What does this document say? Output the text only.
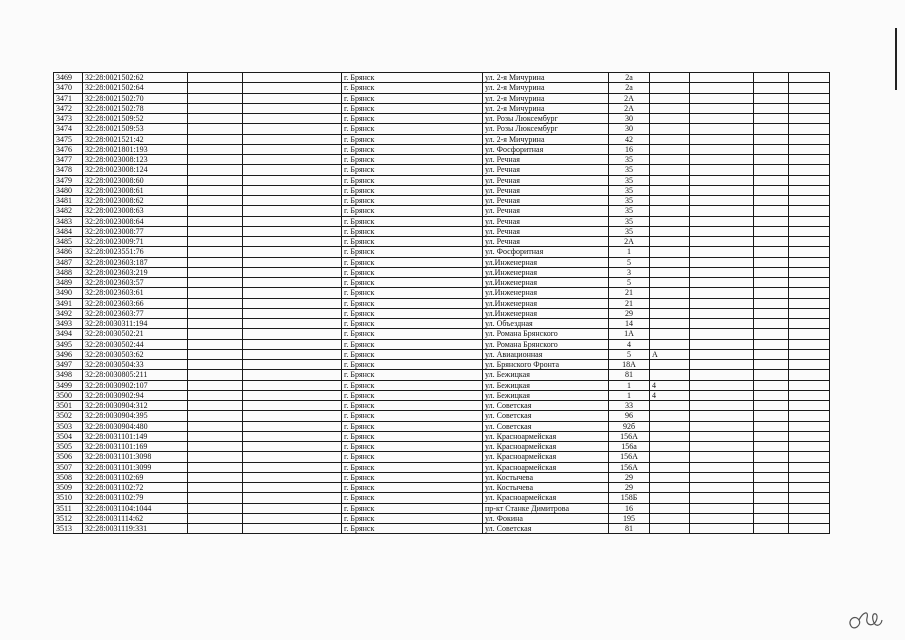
3469	32:28:0021502:62			г. Брянск	ул. 2-я Мичурина	2а				
3470	32:28:0021502:64			г. Брянск	ул. 2-я Мичурина	2а				
3471	32:28:0021502:70			г. Брянск	ул. 2-я Мичурина	2А				
3472	32:28:0021502:78			г. Брянск	ул. 2-я Мичурина	2А				
3473	32:28:0021509:52			г. Брянск	ул. Розы Люксембург	30				
3474	32:28:0021509:53			г. Брянск	ул. Розы Люксембург	30				
3475	32:28:0021521:42			г. Брянск	ул. 2-я Мичурина	42				
3476	32:28:0021801:193			г. Брянск	ул. Фосфоритная	16				
3477	32:28:0023008:123			г. Брянск	ул. Речная	35				
3478	32:28:0023008:124			г. Брянск	ул. Речная	35				
3479	32:28:0023008:60			г. Брянск	ул. Речная	35				
3480	32:28:0023008:61			г. Брянск	ул. Речная	35				
3481	32:28:0023008:62			г. Брянск	ул. Речная	35				
3482	32:28:0023008:63			г. Брянск	ул. Речная	35				
3483	32:28:0023008:64			г. Брянск	ул. Речная	35				
3484	32:28:0023008:77			г. Брянск	ул. Речная	35				
3485	32:28:0023009:71			г. Брянск	ул. Речная	2А				
3486	32:28:0023551:76			г. Брянск	ул. Фосфоритная	1				
3487	32:28:0023603:187			г. Брянск	ул.Инженерная	5				
3488	32:28:0023603:219			г. Брянск	ул.Инженерная	3				
3489	32:28:0023603:57			г. Брянск	ул.Инженерная	5				
3490	32:28:0023603:61			г. Брянск	ул.Инженерная	21				
3491	32:28:0023603:66			г. Брянск	ул.Инженерная	21				
3492	32:28:0023603:77			г. Брянск	ул.Инженерная	29				
3493	32:28:0030311:194			г. Брянск	ул. Объездная	14				
3494	32:28:0030502:21			г. Брянск	ул. Романа Брянского	1А				
3495	32:28:0030502:44			г. Брянск	ул. Романа Брянского	4				
3496	32:28:0030503:62			г. Брянск	ул. Авиационная	5	А			
3497	32:28:0030504:33			г. Брянск	ул. Брянского Фронта	18А				
3498	32:28:0030805:211			г. Брянск	ул. Бежицкая	81				
3499	32:28:0030902:107			г. Брянск	ул. Бежицкая	1	4			
3500	32:28:0030902:94			г. Брянск	ул. Бежицкая	1	4			
3501	32:28:0030904:312			г. Брянск	ул. Советская	33				
3502	32:28:0030904:395			г. Брянск	ул. Советская	96				
3503	32:28:0030904:480			г. Брянск	ул. Советская	92б				
3504	32:28:0031101:149			г. Брянск	ул. Красноармейская	156А				
3505	32:28:0031101:169			г. Брянск	ул. Красноармейская	156а				
3506	32:28:0031101:3098			г. Брянск	ул. Красноармейская	156А				
3507	32:28:0031101:3099			г. Брянск	ул. Красноармейская	156А				
3508	32:28:0031102:69			г. Брянск	ул. Костычева	29				
3509	32:28:0031102:72			г. Брянск	ул. Костычева	29				
3510	32:28:0031102:79			г. Брянск	ул. Красноармейская	158Б				
3511	32:28:0031104:1044			г. Брянск	пр-кт Станке Димитрова	16				
3512	32:28:0031114:62			г. Брянск	ул. Фокина	195				
3513	32:28:0031119:331			г. Брянск	ул. Советская	81				
